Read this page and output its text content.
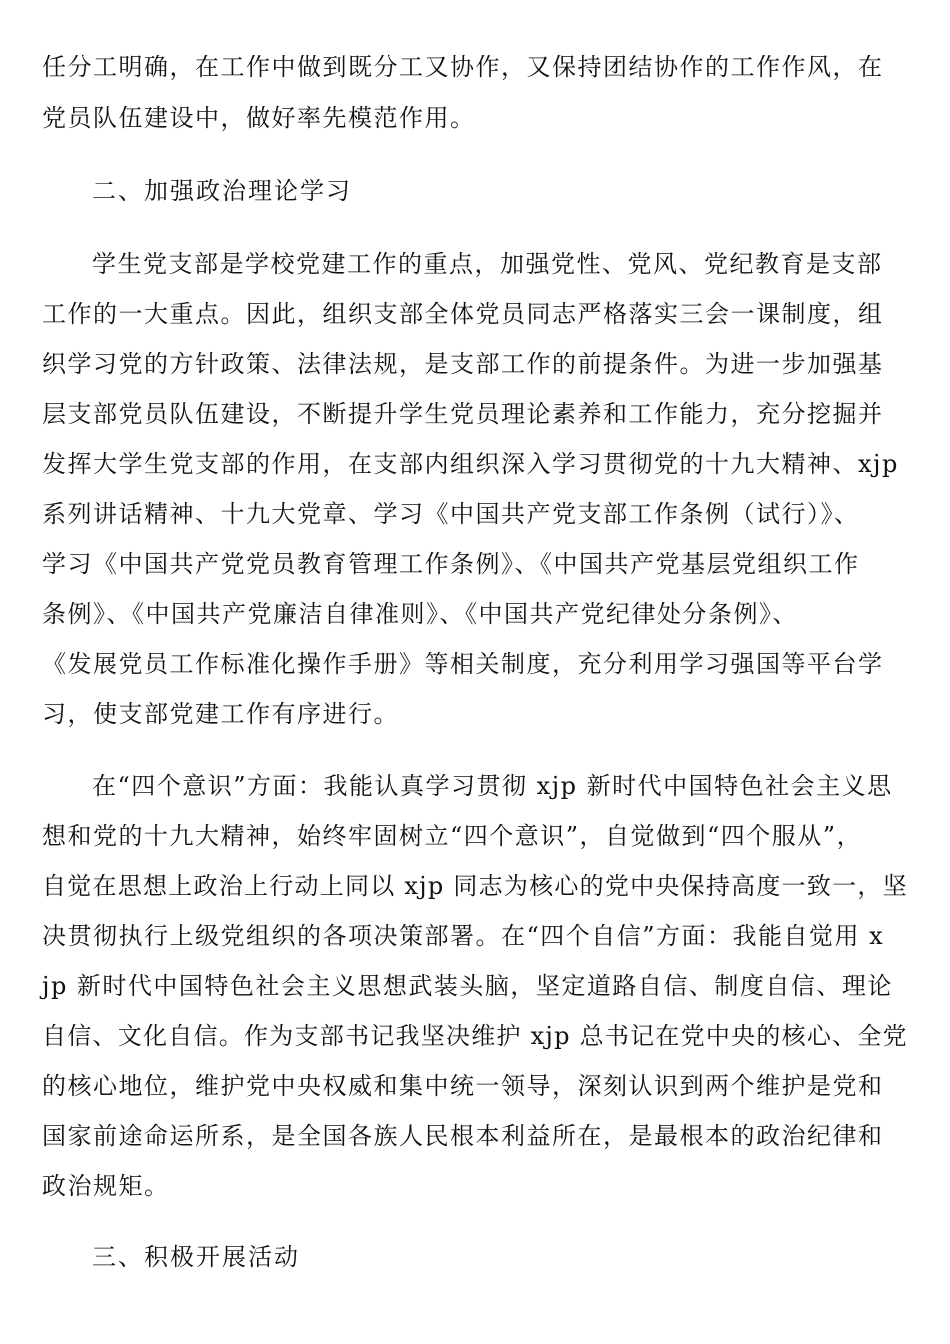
任分工明确，在工作中做到既分工又协作，又保持团结协作的工作作风，在
党员队伍建设中，做好率先模范作用。
二、加强政治理论学习
学生党支部是学校党建工作的重点，加强党性、党风、党纪教育是支部
工作的一大重点。因此，组织支部全体党员同志严格落实三会一课制度，组
织学习党的方针政策、法律法规，是支部工作的前提条件。为进一步加强基
层支部党员队伍建设，不断提升学生党员理论素养和工作能力，充分挖掘并
发挥大学生党支部的作用，在支部内组织深入学习贯彻党的十九大精神、xjp
系列讲话精神、十九大党章、学习《中国共产党支部工作条例（试行）》、
学习《中国共产党党员教育管理工作条例》、《中国共产党基层党组织工作
条例》、《中国共产党廉洁自律准则》、《中国共产党纪律处分条例》、
《发展党员工作标准化操作手册》等相关制度，充分利用学习强国等平台学
习，使支部党建工作有序进行。
在“四个意识”方面：我能认真学习贯彻 xjp 新时代中国特色社会主义思
想和党的十九大精神，始终牢固树立“四个意识”，自觉做到“四个服从”，
自觉在思想上政治上行动上同以 xjp 同志为核心的党中央保持高度一致一，坚
决贯彻执行上级党组织的各项决策部署。在“四个自信”方面：我能自觉用 x
jp 新时代中国特色社会主义思想武装头脑，坚定道路自信、制度自信、理论
自信、文化自信。作为支部书记我坚决维护 xjp 总书记在党中央的核心、全党
的核心地位，维护党中央权威和集中统一领导，深刻认识到两个维护是党和
国家前途命运所系，是全国各族人民根本利益所在，是最根本的政治纪律和
政治规矩。
三、积极开展活动
